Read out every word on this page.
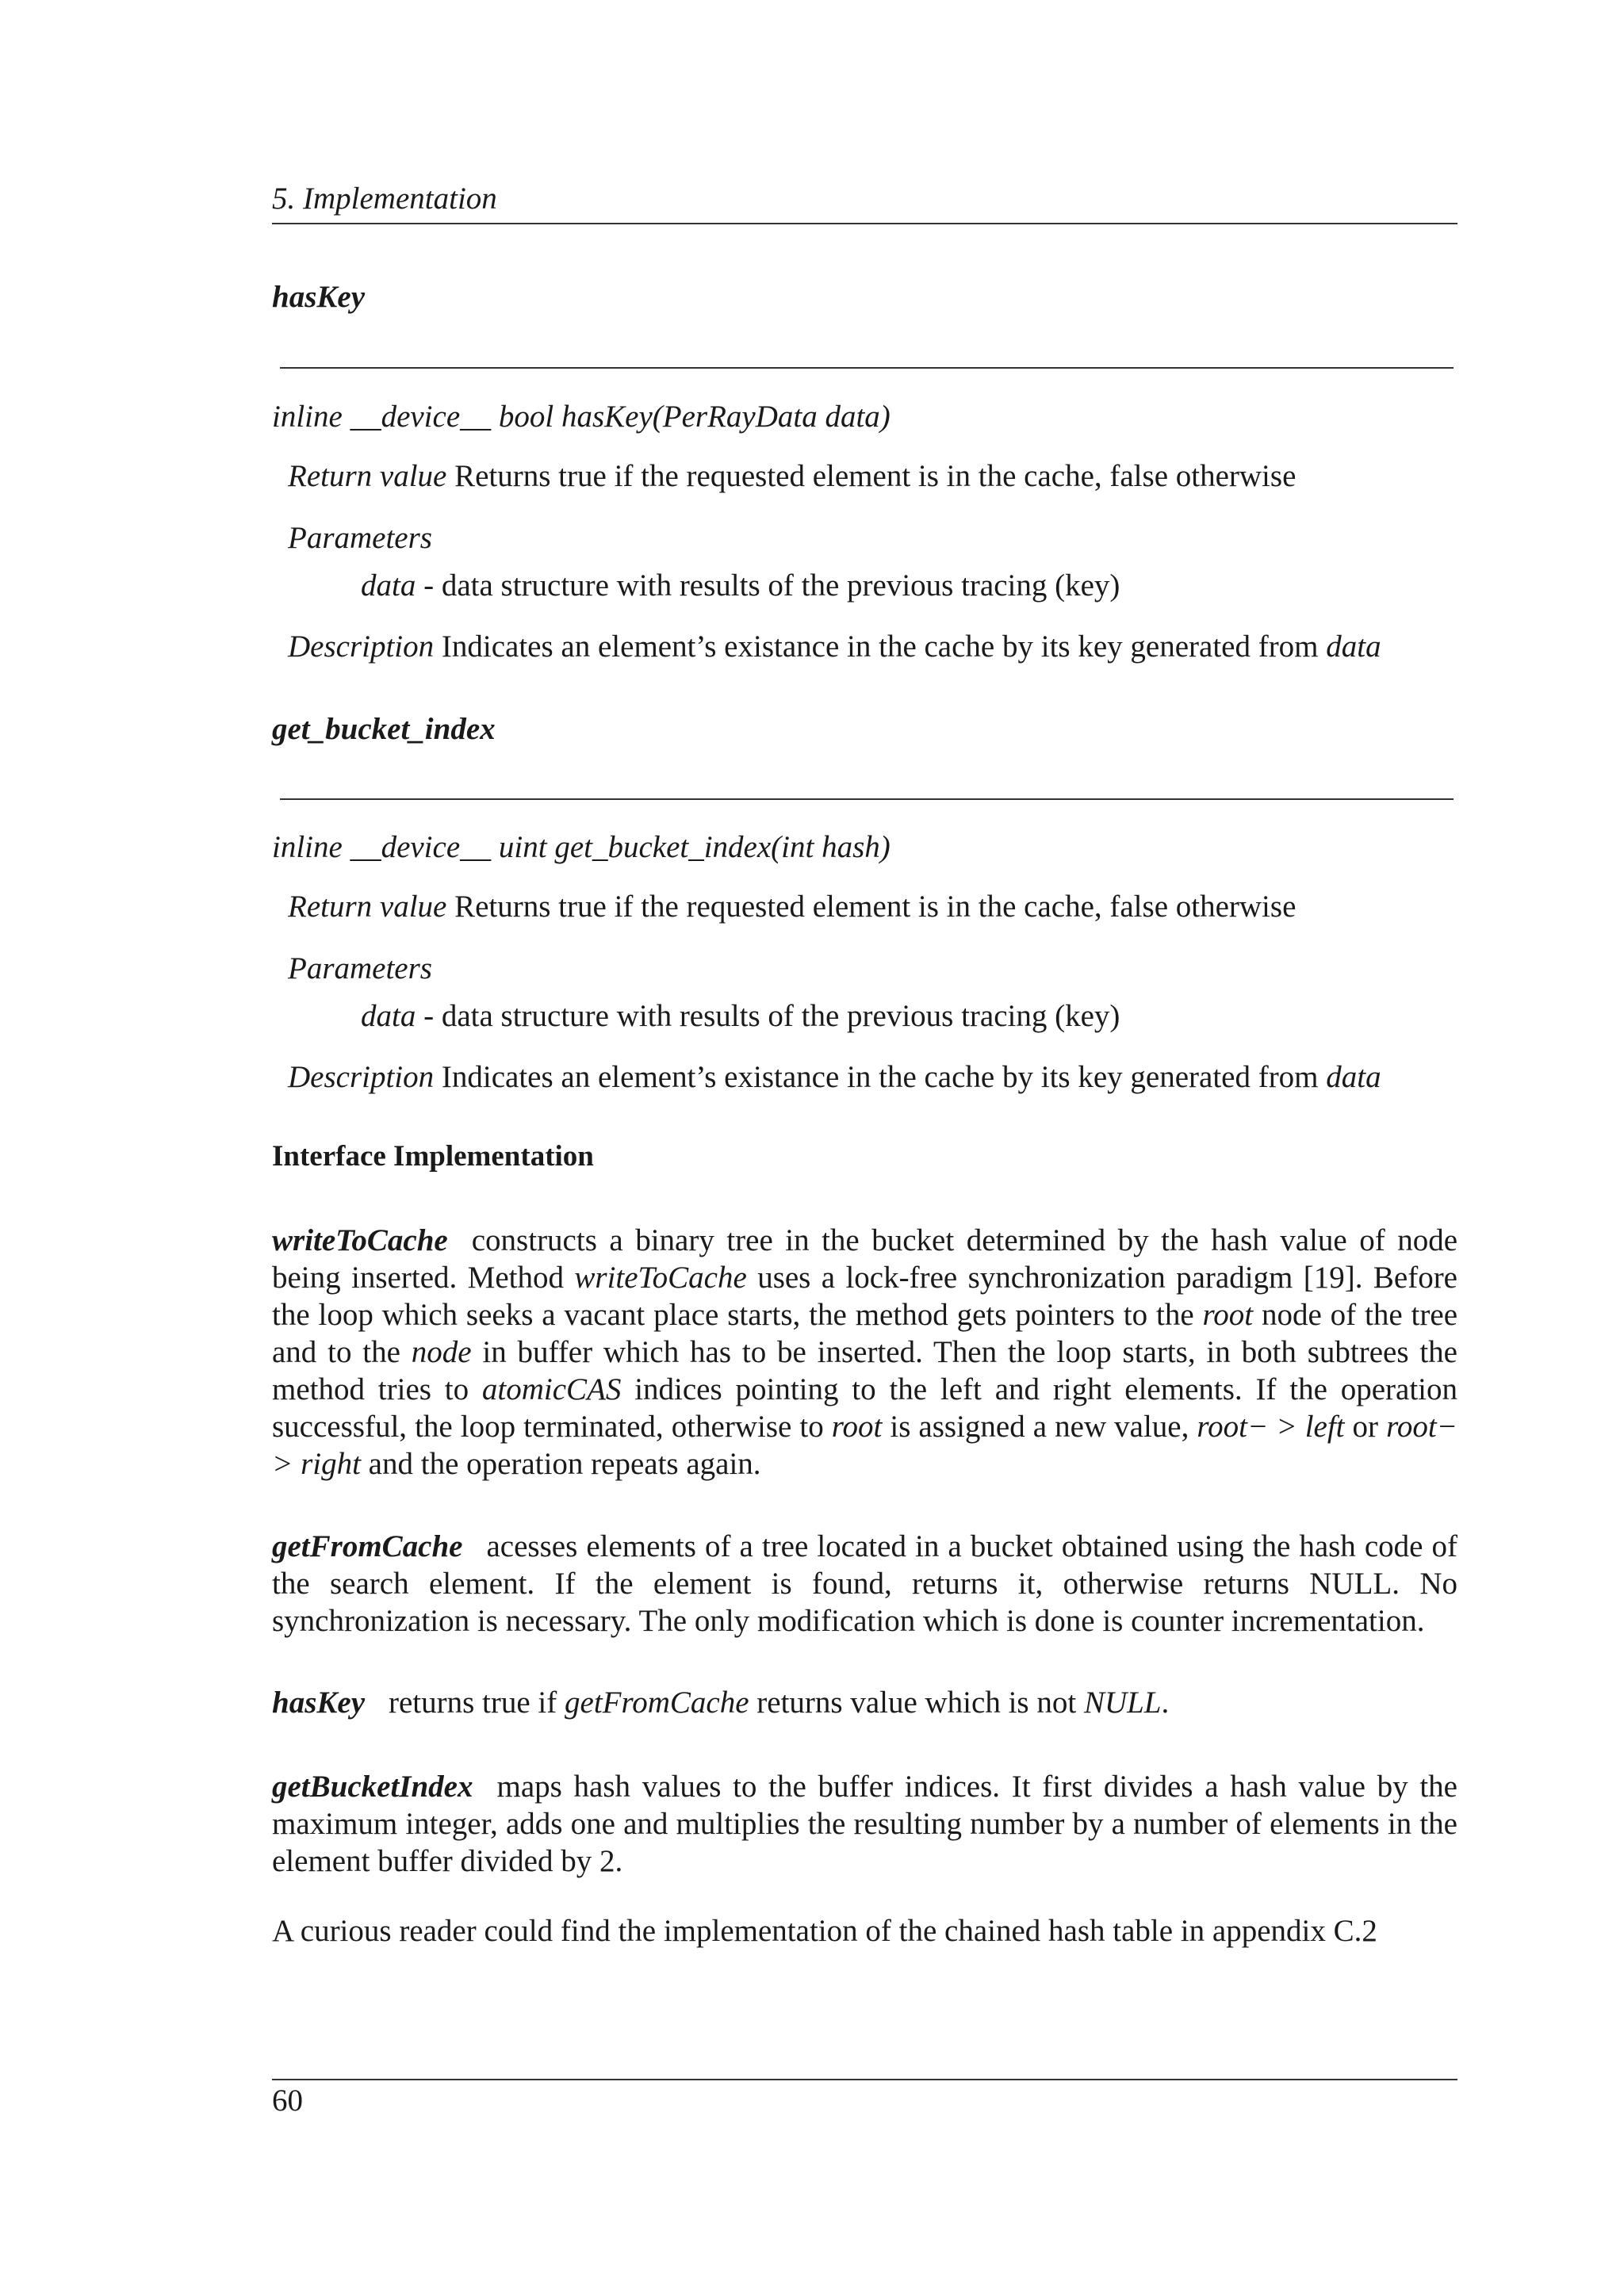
5. Implementation
hasKey
inline __device__ bool hasKey(PerRayData data)
Return value Returns true if the requested element is in the cache, false otherwise
Parameters
data - data structure with results of the previous tracing (key)
Description Indicates an element’s existance in the cache by its key generated from data
get_bucket_index
inline __device__ uint get_bucket_index(int hash)
Return value Returns true if the requested element is in the cache, false otherwise
Parameters
data - data structure with results of the previous tracing (key)
Description Indicates an element’s existance in the cache by its key generated from data
Interface Implementation
writeToCache constructs a binary tree in the bucket determined by the hash value of node being inserted. Method writeToCache uses a lock-free synchronization paradigm [19]. Before the loop which seeks a vacant place starts, the method gets pointers to the root node of the tree and to the node in buffer which has to be inserted. Then the loop starts, in both subtrees the method tries to atomicCAS indices pointing to the left and right elements. If the operation successful, the loop terminated, otherwise to root is assigned a new value, root− > left or root− > right and the operation repeats again.
getFromCache acesses elements of a tree located in a bucket obtained using the hash code of the search element. If the element is found, returns it, otherwise returns NULL. No synchronization is necessary. The only modification which is done is counter incrementation.
hasKey returns true if getFromCache returns value which is not NULL.
getBucketIndex maps hash values to the buffer indices. It first divides a hash value by the maximum integer, adds one and multiplies the resulting number by a number of elements in the element buffer divided by 2.
A curious reader could find the implementation of the chained hash table in appendix C.2
60
